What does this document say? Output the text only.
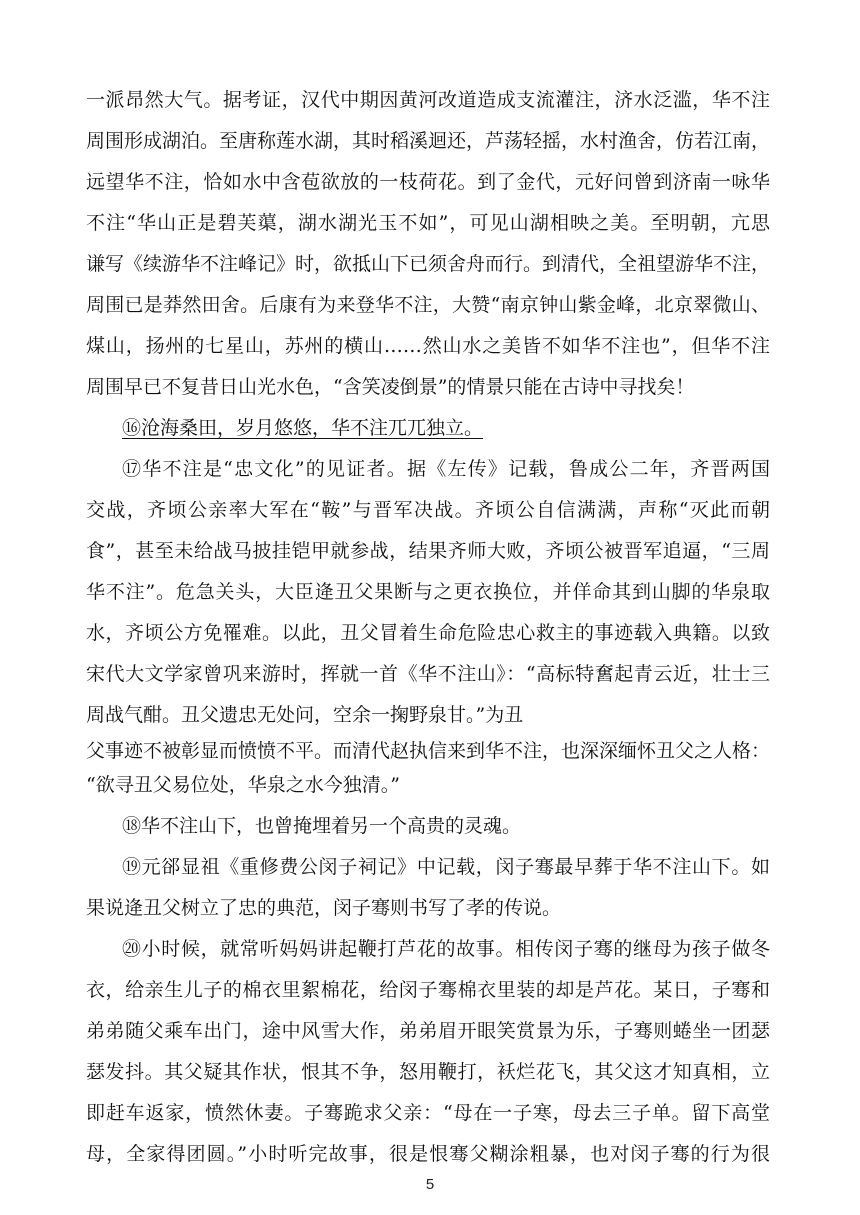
一派昂然大气。据考证，汉代中期因黄河改道造成支流灌注，济水泛滥，华不注
周围形成湖泊。至唐称莲水湖，其时稻溪迴还，芦荡轻摇，水村渔舍，仿若江南，
远望华不注，恰如水中含苞欲放的一枝荷花。到了金代，元好问曾到济南一咏华
不注“华山正是碧芙蕖，湖水湖光玉不如”，可见山湖相映之美。至明朝，亢思
谦写《续游华不注峰记》时，欲抵山下已须舍舟而行。到清代，全祖望游华不注，
周围已是莽然田舍。后康有为来登华不注，大赞“南京钟山紫金峰，北京翠微山、
煤山，扬州的七星山，苏州的横山……然山水之美皆不如华不注也”，但华不注
周围早已不复昔日山光水色，“含笑凌倒景”的情景只能在古诗中寻找矣！
⑯沧海桑田，岁月悠悠，华不注兀兀独立。
⑰华不注是“忠文化”的见证者。据《左传》记载，鲁成公二年，齐晋两国
交战，齐顷公亲率大军在“鞍”与晋军决战。齐顷公自信满满，声称“灭此而朝
食”，甚至未给战马披挂铠甲就参战，结果齐师大败，齐顷公被晋军追逼，“三周
华不注”。危急关头，大臣逄丑父果断与之更衣换位，并佯命其到山脚的华泉取
水，齐顷公方免罹难。以此，丑父冒着生命危险忠心救主的事迹载入典籍。以致
宋代大文学家曾巩来游时，挥就一首《华不注山》：“高标特𡚒起青云近，壮士三
周战气酣。丑父遗忠无处问，空余一掬野泉甘。”为丑
父事迹不被彰显而愤愤不平。而清代赵执信来到华不注，也深深缅怀丑父之人格：
“欲寻丑父易位处，华泉之水今独清。”
⑱华不注山下，也曾掩埋着另一个高贵的灵魂。
⑲元郤显祖《重修费公闵子祠记》中记载，闵子骞最早葬于华不注山下。如
果说逄丑父树立了忠的典范，闵子骞则书写了孝的传说。
⑳小时候，就常听妈妈讲起鞭打芦花的故事。相传闵子骞的继母为孩子做冬
衣，给亲生儿子的棉衣里絮棉花，给闵子骞棉衣里装的却是芦花。某日，子骞和
弟弟随父乘车出门，途中风雪大作，弟弟眉开眼笑赏景为乐，子骞则蜷坐一团瑟
瑟发抖。其父疑其作状，恨其不争，怒用鞭打，袄烂花飞，其父这才知真相，立
即赶车返家，愤然休妻。子骞跪求父亲：“母在一子寒，母去三子单。留下高堂
母，全家得团圆。”小时听完故事，很是恨骞父糊涂粗暴，也对闵子骞的行为很
5
